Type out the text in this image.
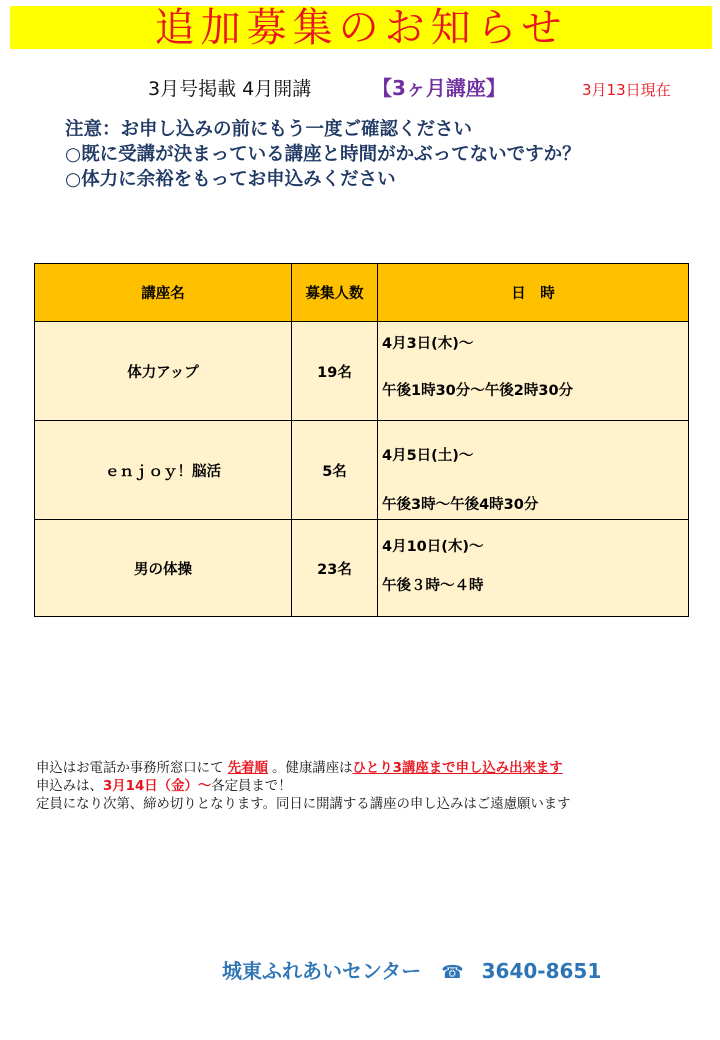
追加募集のお知らせ
3月号掲載 4月開講	【3ヶ月講座】	3月13日現在
注意：お申し込みの前にもう一度ご確認ください
○既に受講が決まっている講座と時間がかぶってないですか？
○体力に余裕をもってお申込みください
講座名	募集人数	日　時
体力アップ	19名	4月3日(木)～
午後1時30分～午後2時30分

ｅｎｊｏｙ！脳活	5名	4月5日(土)～
午後3時～午後4時30分

男の体操	23名	4月10日(木)～
午後３時～４時
申込はお電話か事務所窓口にて 先着順 。健康講座はひとり3講座まで申し込み出来ます
申込みは、3月14日（金）～各定員まで！
定員になり次第、締め切りとなります。同日に開講する講座の申し込みはご遠慮願います
城東ふれあいセンター ☎ 3640-8651
